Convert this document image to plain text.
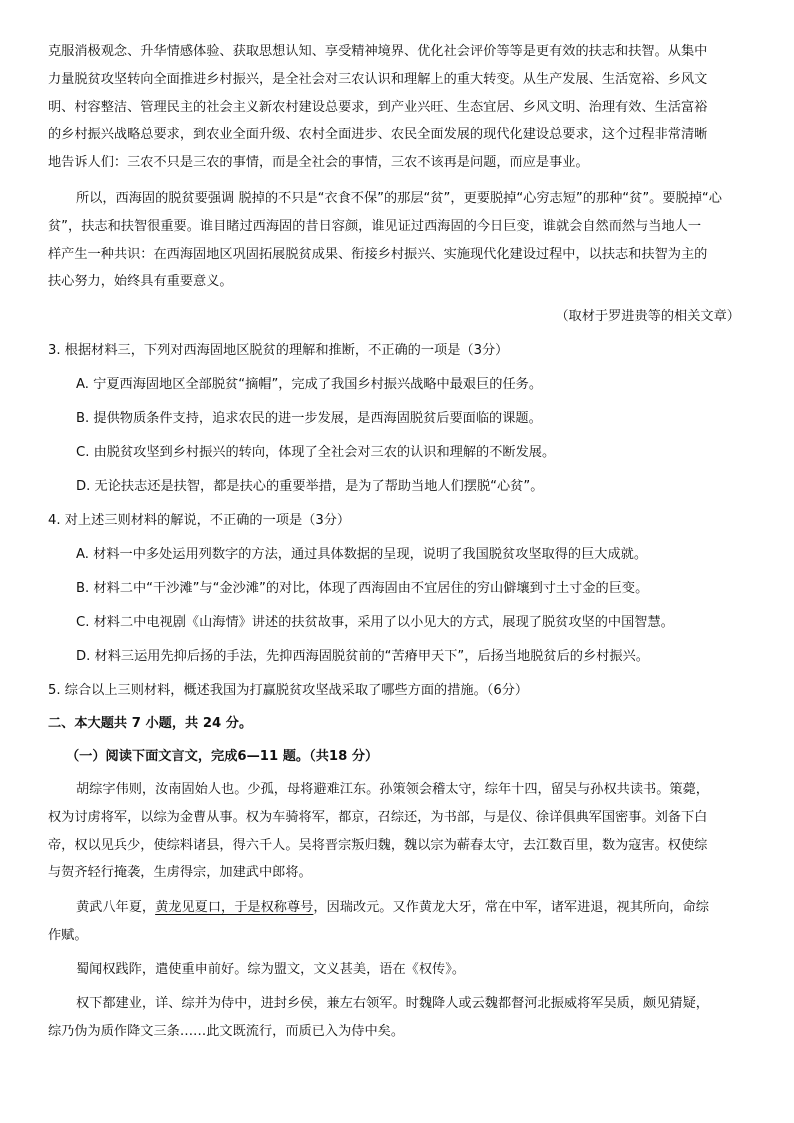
克服消极观念、升华情感体验、获取思想认知、享受精神境界、优化社会评价等等是更有效的扶志和扶智。从集中
力量脱贫攻坚转向全面推进乡村振兴，是全社会对三农认识和理解上的重大转变。从生产发展、生活宽裕、乡风文
明、村容整洁、管理民主的社会主义新农村建设总要求，到产业兴旺、生态宜居、乡风文明、治理有效、生活富裕
的乡村振兴战略总要求，到农业全面升级、农村全面进步、农民全面发展的现代化建设总要求，这个过程非常清晰
地告诉人们：三农不只是三农的事情，而是全社会的事情，三农不该再是问题，而应是事业。
所以，西海固的脱贫要强调 脱掉的不只是“衣食不保”的那层“贫”，更要脱掉“心穷志短”的那种“贫”。要脱掉“心
贫”，扶志和扶智很重要。谁目睹过西海固的昔日容颜，谁见证过西海固的今日巨变，谁就会自然而然与当地人一
样产生一种共识：在西海固地区巩固拓展脱贫成果、衔接乡村振兴、实施现代化建设过程中，以扶志和扶智为主的
扶心努力，始终具有重要意义。
（取材于罗进贵等的相关文章）
3. 根据材料三，下列对西海固地区脱贫的理解和推断，不正确的一项是（3分）
A. 宁夏西海固地区全部脱贫“摘帽”，完成了我国乡村振兴战略中最艰巨的任务。
B. 提供物质条件支持，追求农民的进一步发展，是西海固脱贫后要面临的课题。
C. 由脱贫攻坚到乡村振兴的转向，体现了全社会对三农的认识和理解的不断发展。
D. 无论扶志还是扶智，都是扶心的重要举措，是为了帮助当地人们摆脱“心贫”。
4. 对上述三则材料的解说，不正确的一项是（3分）
A. 材料一中多处运用列数字的方法，通过具体数据的呈现，说明了我国脱贫攻坚取得的巨大成就。
B. 材料二中“干沙滩”与“金沙滩”的对比，体现了西海固由不宜居住的穷山僻壤到寸土寸金的巨变。
C. 材料二中电视剧《山海情》讲述的扶贫故事，采用了以小见大的方式，展现了脱贫攻坚的中国智慧。
D. 材料三运用先抑后扬的手法，先抑西海固脱贫前的“苦瘠甲天下”，后扬当地脱贫后的乡村振兴。
5. 综合以上三则材料，概述我国为打赢脱贫攻坚战采取了哪些方面的措施。（6分）
二、本大题共 7 小题，共 24 分。
（一）阅读下面文言文，完成6—11 题。（共18 分）
胡综字伟则，汝南固始人也。少孤，母将避难江东。孙策领会稽太守，综年十四，留吴与孙权共读书。策薨，
权为讨虏将军，以综为金曹从事。权为车骑将军，都京，召综还，为书部，与是仪、徐详俱典军国密事。刘备下白
帝，权以见兵少，使综料诸县，得六千人。吴将晋宗叛归魏，魏以宗为蕲春太守，去江数百里，数为寇害。权使综
与贺齐轻行掩袭，生虏得宗，加建武中郎将。
黄武八年夏，黄龙见夏口，于是权称尊号，因瑞改元。又作黄龙大牙，常在中军，诸军进退，视其所向，命综
作赋。
蜀闻权践阼，遣使重申前好。综为盟文，文义甚美，语在《权传》。
权下都建业，详、综并为侍中，进封乡侯，兼左右领军。时魏降人或云魏都督河北振威将军吴质，颇见猜疑，
综乃伪为质作降文三条……此文既流行，而质已入为侍中矣。
